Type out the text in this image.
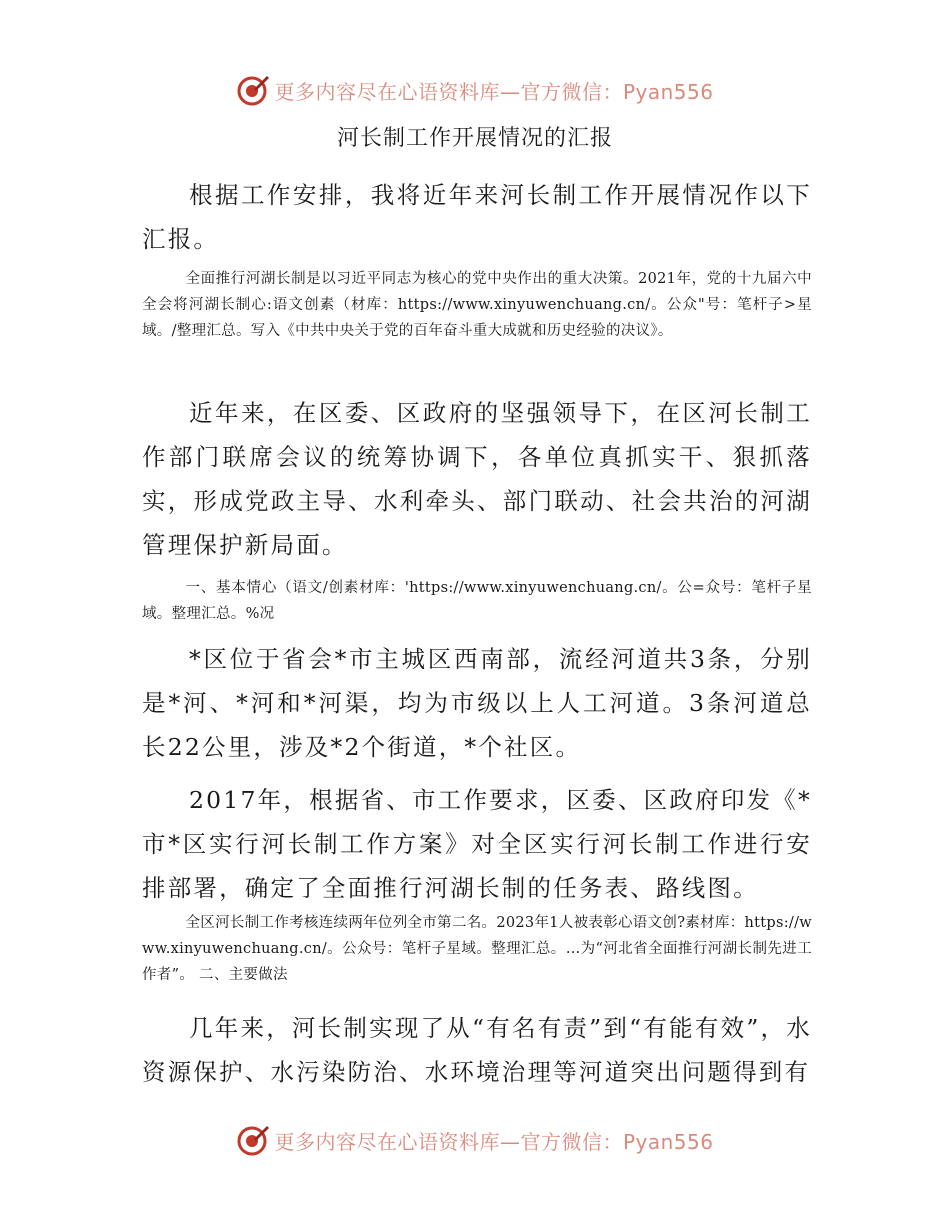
更多内容尽在心语资料库—官方微信：Pyan556
河长制工作开展情况的汇报

根据工作安排，我将近年来河长制工作开展情况作以下汇报。

全面推行河湖长制是以习近平同志为核心的党中央作出的重大决策。2021年，党的十九届六中全会将河湖长制心:语文创素（材库：https://www.xinyuwenchuang.cn/。公众"号：笔杆子>星域。/整理汇总。写入《中共中央关于党的百年奋斗重大成就和历史经验的决议》。

近年来，在区委、区政府的坚强领导下，在区河长制工作部门联席会议的统筹协调下，各单位真抓实干、狠抓落实，形成党政主导、水利牵头、部门联动、社会共治的河湖管理保护新局面。

一、基本情心（语文/创素材库：'https://www.xinyuwenchuang.cn/。公=众号：笔杆子星域。整理汇总。%况

*区位于省会*市主城区西南部，流经河道共3条，分别是*河、*河和*河渠，均为市级以上人工河道。3条河道总长22公里，涉及*2个街道，*个社区。

2017年，根据省、市工作要求，区委、区政府印发《*市*区实行河长制工作方案》对全区实行河长制工作进行安排部署，确定了全面推行河湖长制的任务表、路线图。

全区河长制工作考核连续两年位列全市第二名。2023年1人被表彰心语文创?素材库：https://www.xinyuwenchuang.cn/。公众号：笔杆子星域。整理汇总。…为“河北省全面推行河湖长制先进工作者”。 二、主要做法

几年来，河长制实现了从“有名有责”到“有能有效”，水资源保护、水污染防治、水环境治理等河道突出问题得到有

更多内容尽在心语资料库—官方微信：Pyan556
